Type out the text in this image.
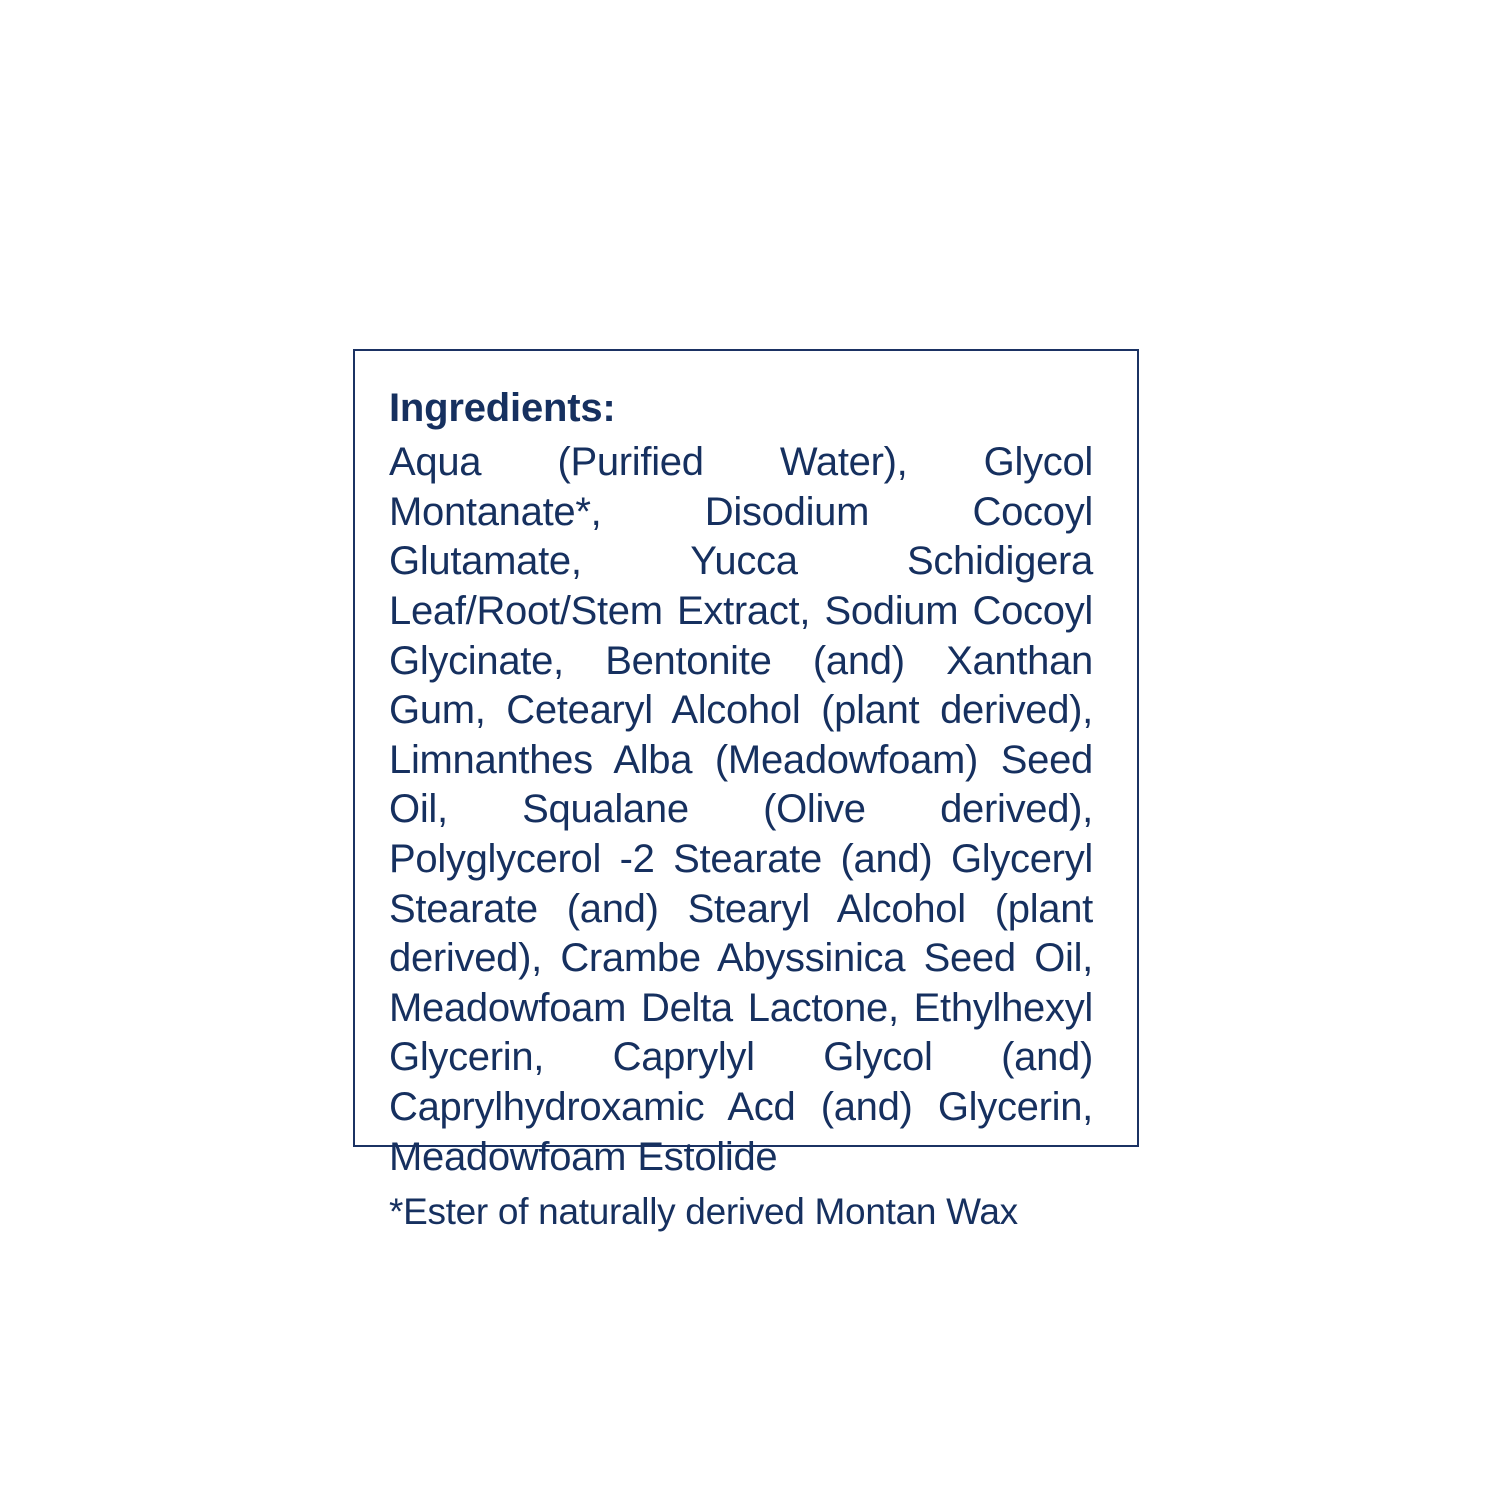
Ingredients:

Aqua (Purified Water), Glycol Montanate*, Disodium Cocoyl Glutamate, Yucca Schidigera Leaf/Root/Stem Extract, Sodium Cocoyl Glycinate, Bentonite (and) Xanthan Gum, Cetearyl Alcohol (plant derived), Limnanthes Alba (Meadowfoam) Seed Oil, Squalane (Olive derived), Polyglycerol -2 Stearate (and) Glyceryl Stearate (and) Stearyl Alcohol (plant derived), Crambe Abyssinica Seed Oil, Meadowfoam Delta Lactone, Ethylhexyl Glycerin, Caprylyl Glycol (and) Caprylhydroxamic Acd (and) Glycerin, Meadowfoam Estolide

*Ester of naturally derived Montan Wax
